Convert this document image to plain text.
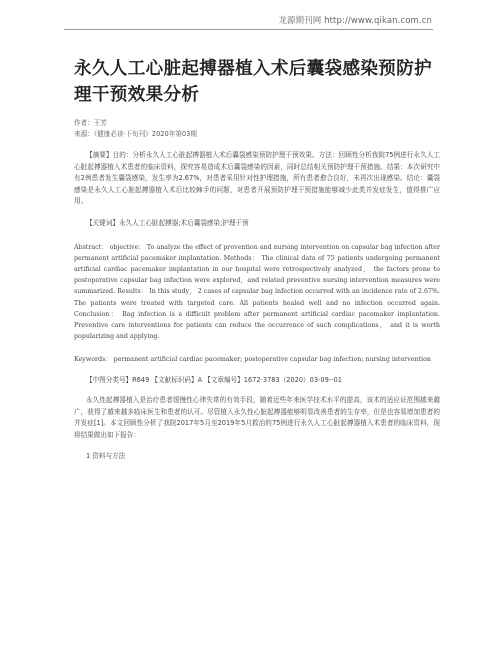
龙源期刊网 http://www.qikan.com.cn
永久人工心脏起搏器植入术后囊袋感染预防护理干预效果分析
作者：王芳
来源：《健康必读·下旬刊》2020年第03期

【摘要】目的：分析永久人工心脏起搏器植入术后囊袋感染预防护理干预效果。方法：回顾性分析我院75例进行永久人工心脏起搏器植入术患者的临床资料，探究容易造成术后囊袋感染的因素，同时总结相关预防护理干预措施。结果：本次研究中有2例患者发生囊袋感染，发生率为2.67%，对患者采用针对性护理措施，所有患者愈合良好，未再次出现感染。结论：囊袋感染是永久人工心脏起搏器植入术后比较棘手的问题，对患者开展预防护理干预措施能够减少此类并发症发生，值得推广应用。

【关键词】永久人工心脏起搏器;术后囊袋感染;护理干预

Abstract： objective： To analyze the effect of prevention and nursing intervention on capsular bag infection after permanent artificial pacemaker implantation. Methods： The clinical data of 75 patients undergoing permanent artificial cardiac pacemaker implantation in our hospital were retrospectively analyzed， the factors prone to postoperative capsular bag infection were explored，and related preventive nursing intervention measures were summarized. Results： In this study， 2 cases of capsular bag infection occurred with an incidence rate of 2.67%. The patients were treated with targeted care. All patients healed well and no infection occurred again. Conclusion： Bag infection is a difficult problem after permanent artificial cardiac pacemaker implantation. Preventive care interventions for patients can reduce the occurrence of such complications， and it is worth popularizing and applying.

Keywords： permanent artificial cardiac pacemaker; postoperative capsular bag infection; nursing intervention

【中图分类号】R649 【文献标识码】A 【文章编号】1672-3783（2020）03-09--01

永久性起搏器植入是治疗患者缓慢性心律失常的有效手段，随着近些年来医学技术水平的提高，该术的适应证范围越来越广，获得了越来越多临床医生和患者的认可。尽管植入永久性心脏起搏器能够明显改善患者的生存率，但是也容易增加患者的并发症[1]。本文回顾性分析了我院2017年5月至2019年5月救治的75例进行永久人工心脏起搏器植入术患者的临床资料，现将结果做出如下报告：

1 资料与方法
